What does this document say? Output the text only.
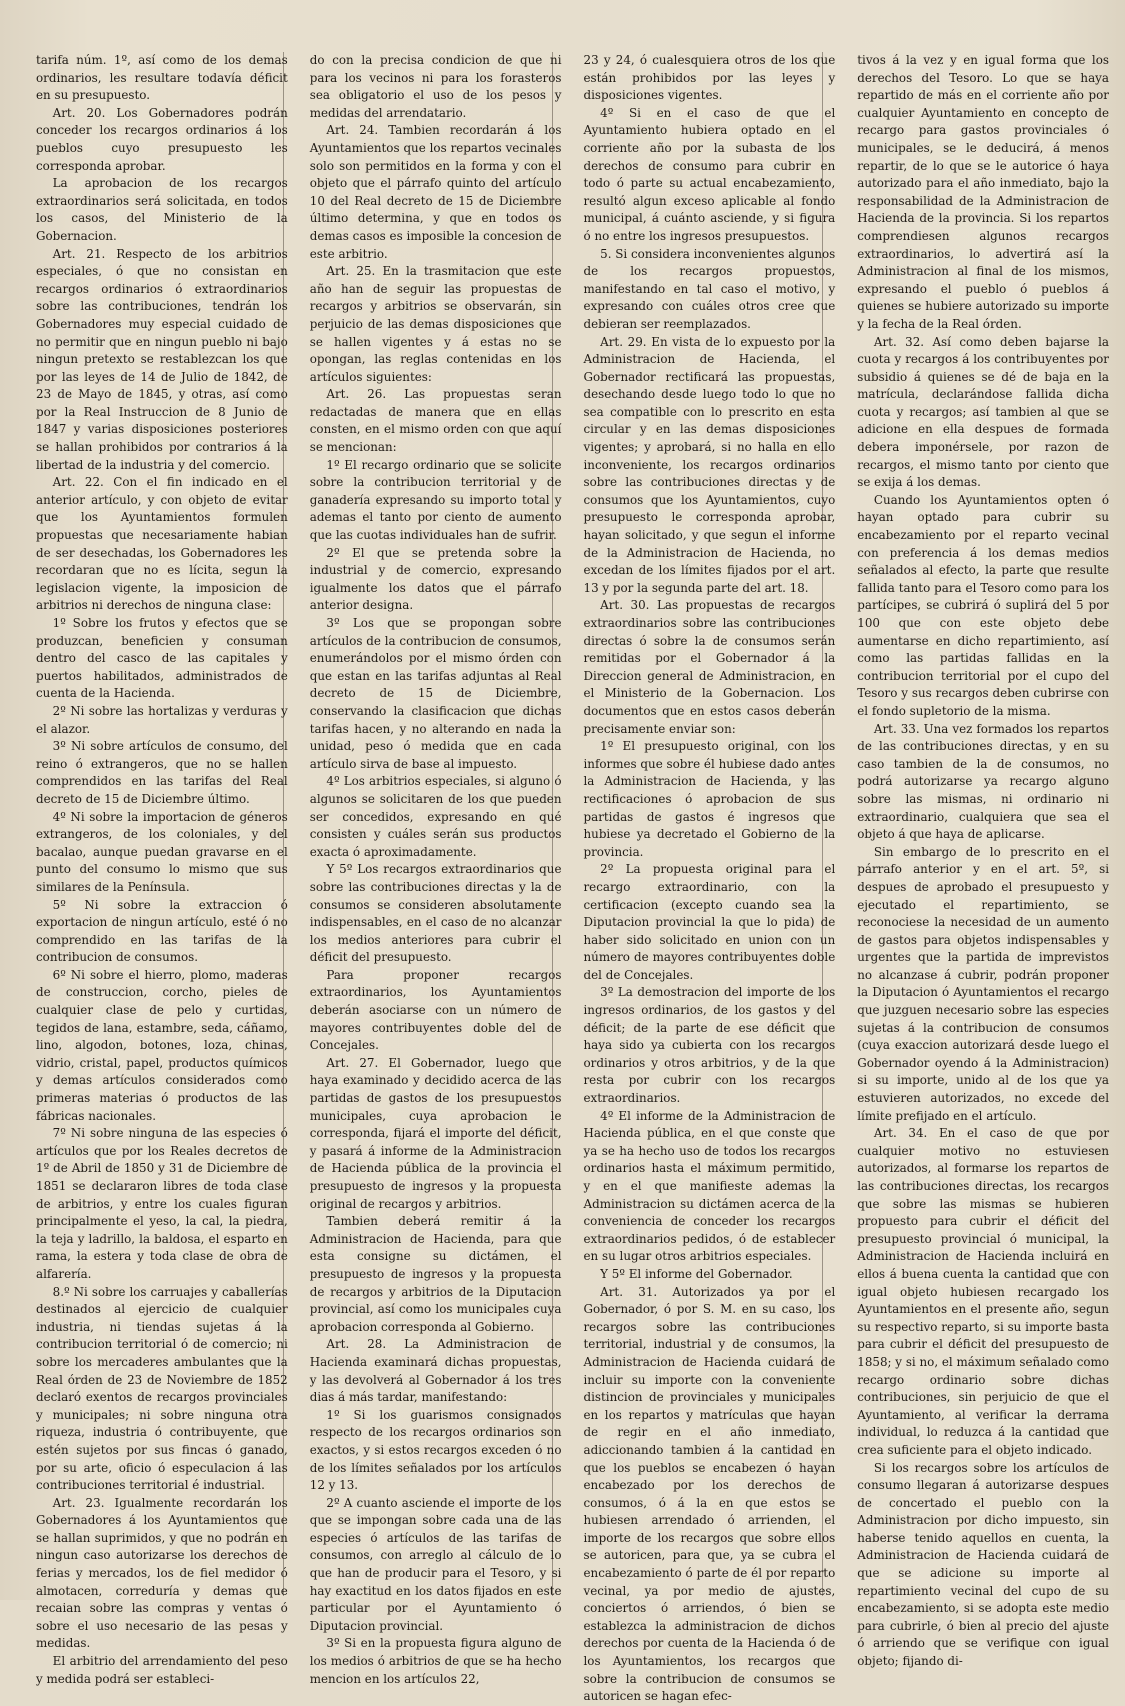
tarifa núm. 1º, así como de los demas ordinarios, les resultare todavía déficit en su presupuesto.

Art. 20. Los Gobernadores podrán conceder los recargos ordinarios á los pueblos cuyo presupuesto les corresponda aprobar.

La aprobacion de los recargos extraordinarios será solicitada, en todos los casos, del Ministerio de la Gobernacion.

Art. 21. Respecto de los arbitrios especiales, ó que no consistan en recargos ordinarios ó extraordinarios sobre las contribuciones, tendrán los Gobernadores muy especial cuidado de no permitir que en ningun pueblo ni bajo ningun pretexto se restablezcan los que por las leyes de 14 de Julio de 1842, de 23 de Mayo de 1845, y otras, así como por la Real Instruccion de 8 Junio de 1847 y varias disposiciones posteriores se hallan prohibidos por contrarios á la libertad de la industria y del comercio.

Art. 22. Con el fin indicado en el anterior artículo, y con objeto de evitar que los Ayuntamientos formulen propuestas que necesariamente habian de ser desechadas, los Gobernadores les recordaran que no es lícita, segun la legislacion vigente, la imposicion de arbitrios ni derechos de ninguna clase:

1º Sobre los frutos y efectos que se produzcan, beneficien y consuman dentro del casco de las capitales y puertos habilitados, administrados de cuenta de la Hacienda.

2º Ni sobre las hortalizas y verduras y el alazor.

3º Ni sobre artículos de consumo, del reino ó extrangeros, que no se hallen comprendidos en las tarifas del Real decreto de 15 de Diciembre último.

4º Ni sobre la importacion de géneros extrangeros, de los coloniales, y del bacalao, aunque puedan gravarse en el punto del consumo lo mismo que sus similares de la Península.

5º Ni sobre la extraccion ó exportacion de ningun artículo, esté ó no comprendido en las tarifas de la contribucion de consumos.

6º Ni sobre el hierro, plomo, maderas de construccion, corcho, pieles de cualquier clase de pelo y curtidas, tegidos de lana, estambre, seda, cáñamo, lino, algodon, botones, loza, chinas, vidrio, cristal, papel, productos químicos y demas artículos considerados como primeras materias ó productos de las fábricas nacionales.

7º Ni sobre ninguna de las especies ó artículos que por los Reales decretos de 1º de Abril de 1850 y 31 de Diciembre de 1851 se declararon libres de toda clase de arbitrios, y entre los cuales figuran principalmente el yeso, la cal, la piedra, la teja y ladrillo, la baldosa, el esparto en rama, la estera y toda clase de obra de alfarería.

8.º Ni sobre los carruajes y caballerías destinados al ejercicio de cualquier industria, ni tiendas sujetas á la contribucion territorial ó de comercio; ni sobre los mercaderes ambulantes que la Real órden de 23 de Noviembre de 1852 declaró exentos de recargos provinciales y municipales; ni sobre ninguna otra riqueza, industria ó contribuyente, que estén sujetos por sus fincas ó ganado, por su arte, oficio ó especulacion á las contribuciones territorial é industrial.

Art. 23. Igualmente recordarán los Gobernadores á los Ayuntamientos que se hallan suprimidos, y que no podrán en ningun caso autorizarse los derechos de ferias y mercados, los de fiel medidor ó almotacen, correduría y demas que recaian sobre las compras y ventas ó sobre el uso necesario de las pesas y medidas.

El arbitrio del arrendamiento del peso y medida podrá ser estableci-

do con la precisa condicion de que ni para los vecinos ni para los forasteros sea obligatorio el uso de los pesos y medidas del arrendatario.

Art. 24. Tambien recordarán á los Ayuntamientos que los repartos vecinales solo son permitidos en la forma y con el objeto que el párrafo quinto del artículo 10 del Real decreto de 15 de Diciembre último determina, y que en todos os demas casos es imposible la concesion de este arbitrio.

Art. 25. En la trasmitacion que este año han de seguir las propuestas de recargos y arbitrios se observarán, sin perjuicio de las demas disposiciones que se hallen vigentes y á estas no se opongan, las reglas contenidas en los artículos siguientes:

Art. 26. Las propuestas seran redactadas de manera que en ellas consten, en el mismo orden con que aquí se mencionan:

1º El recargo ordinario que se solicite sobre la contribucion territorial y de ganadería expresando su importo total y ademas el tanto por ciento de aumento que las cuotas individuales han de sufrir.

2º El que se pretenda sobre la industrial y de comercio, expresando igualmente los datos que el párrafo anterior designa.

3º Los que se propongan sobre artículos de la contribucion de consumos, enumerándolos por el mismo órden con que estan en las tarifas adjuntas al Real decreto de 15 de Diciembre, conservando la clasificacion que dichas tarifas hacen, y no alterando en nada la unidad, peso ó medida que en cada artículo sirva de base al impuesto.

4º Los arbitrios especiales, si alguno ó algunos se solicitaren de los que pueden ser concedidos, expresando en qué consisten y cuáles serán sus productos exacta ó aproximadamente.

Y 5º Los recargos extraordinarios que sobre las contribuciones directas y la de consumos se consideren absolutamente indispensables, en el caso de no alcanzar los medios anteriores para cubrir el déficit del presupuesto.

Para proponer recargos extraordinarios, los Ayuntamientos deberán asociarse con un número de mayores contribuyentes doble del de Concejales.

Art. 27. El Gobernador, luego que haya examinado y decidido acerca de las partidas de gastos de los presupuestos municipales, cuya aprobacion le corresponda, fijará el importe del déficit, y pasará á informe de la Administracion de Hacienda pública de la provincia el presupuesto de ingresos y la propuesta original de recargos y arbitrios.

Tambien deberá remitir á la Administracion de Hacienda, para que esta consigne su dictámen, el presupuesto de ingresos y la propuesta de recargos y arbitrios de la Diputacion provincial, así como los municipales cuya aprobacion corresponda al Gobierno.

Art. 28. La Administracion de Hacienda examinará dichas propuestas, y las devolverá al Gobernador á los tres dias á más tardar, manifestando:

1º Si los guarismos consignados respecto de los recargos ordinarios son exactos, y si estos recargos exceden ó no de los límites señalados por los artículos 12 y 13.

2º A cuanto asciende el importe de los que se impongan sobre cada una de las especies ó artículos de las tarifas de consumos, con arreglo al cálculo de lo que han de producir para el Tesoro, y si hay exactitud en los datos fijados en este particular por el Ayuntamiento ó Diputacion provincial.

3º Si en la propuesta figura alguno de los medios ó arbitrios de que se ha hecho mencion en los artículos 22,

23 y 24, ó cualesquiera otros de los que están prohibidos por las leyes y disposiciones vigentes.

4º Si en el caso de que el Ayuntamiento hubiera optado en el corriente año por la subasta de los derechos de consumo para cubrir en todo ó parte su actual encabezamiento, resultó algun exceso aplicable al fondo municipal, á cuánto asciende, y si figura ó no entre los ingresos presupuestos.

5. Si considera inconvenientes algunos de los recargos propuestos, manifestando en tal caso el motivo, y expresando con cuáles otros cree que debieran ser reemplazados.

Art. 29. En vista de lo expuesto por la Administracion de Hacienda, el Gobernador rectificará las propuestas, desechando desde luego todo lo que no sea compatible con lo prescrito en esta circular y en las demas disposiciones vigentes; y aprobará, si no halla en ello inconveniente, los recargos ordinarios sobre las contribuciones directas y de consumos que los Ayuntamientos, cuyo presupuesto le corresponda aprobar, hayan solicitado, y que segun el informe de la Administracion de Hacienda, no excedan de los límites fijados por el art. 13 y por la segunda parte del art. 18.

Art. 30. Las propuestas de recargos extraordinarios sobre las contribuciones directas ó sobre la de consumos serán remitidas por el Gobernador á la Direccion general de Administracion, en el Ministerio de la Gobernacion. Los documentos que en estos casos deberán precisamente enviar son:

1º El presupuesto original, con los informes que sobre él hubiese dado antes la Administracion de Hacienda, y las rectificaciones ó aprobacion de sus partidas de gastos é ingresos que hubiese ya decretado el Gobierno de la provincia.

2º La propuesta original para el recargo extraordinario, con la certificacion (excepto cuando sea la Diputacion provincial la que lo pida) de haber sido solicitado en union con un número de mayores contribuyentes doble del de Concejales.

3º La demostracion del importe de los ingresos ordinarios, de los gastos y del déficit; de la parte de ese déficit que haya sido ya cubierta con los recargos ordinarios y otros arbitrios, y de la que resta por cubrir con los recargos extraordinarios.

4º El informe de la Administracion de Hacienda pública, en el que conste que ya se ha hecho uso de todos los recargos ordinarios hasta el máximum permitido, y en el que manifieste ademas la Administracion su dictámen acerca de la conveniencia de conceder los recargos extraordinarios pedidos, ó de establecer en su lugar otros arbitrios especiales.

Y 5º El informe del Gobernador.

Art. 31. Autorizados ya por el Gobernador, ó por S. M. en su caso, los recargos sobre las contribuciones territorial, industrial y de consumos, la Administracion de Hacienda cuidará de incluir su importe con la conveniente distincion de provinciales y municipales en los repartos y matrículas que hayan de regir en el año inmediato, adiccionando tambien á la cantidad en que los pueblos se encabezen ó hayan encabezado por los derechos de consumos, ó á la en que estos se hubiesen arrendado ó arrienden, el importe de los recargos que sobre ellos se autoricen, para que, ya se cubra el encabezamiento ó parte de él por reparto vecinal, ya por medio de ajustes, conciertos ó arriendos, ó bien se establezca la administracion de dichos derechos por cuenta de la Hacienda ó de los Ayuntamientos, los recargos que sobre la contribucion de consumos se autoricen se hagan efec-

tivos á la vez y en igual forma que los derechos del Tesoro. Lo que se haya repartido de más en el corriente año por cualquier Ayuntamiento en concepto de recargo para gastos provinciales ó municipales, se le deducirá, á menos repartir, de lo que se le autorice ó haya autorizado para el año inmediato, bajo la responsabilidad de la Administracion de Hacienda de la provincia. Si los repartos comprendiesen algunos recargos extraordinarios, lo advertirá así la Administracion al final de los mismos, expresando el pueblo ó pueblos á quienes se hubiere autorizado su importe y la fecha de la Real órden.

Art. 32. Así como deben bajarse la cuota y recargos á los contribuyentes por subsidio á quienes se dé de baja en la matrícula, declarándose fallida dicha cuota y recargos; así tambien al que se adicione en ella despues de formada debera imponérsele, por razon de recargos, el mismo tanto por ciento que se exija á los demas.

Cuando los Ayuntamientos opten ó hayan optado para cubrir su encabezamiento por el reparto vecinal con preferencia á los demas medios señalados al efecto, la parte que resulte fallida tanto para el Tesoro como para los partícipes, se cubrirá ó suplirá del 5 por 100 que con este objeto debe aumentarse en dicho repartimiento, así como las partidas fallidas en la contribucion territorial por el cupo del Tesoro y sus recargos deben cubrirse con el fondo supletorio de la misma.

Art. 33. Una vez formados los repartos de las contribuciones directas, y en su caso tambien de la de consumos, no podrá autorizarse ya recargo alguno sobre las mismas, ni ordinario ni extraordinario, cualquiera que sea el objeto á que haya de aplicarse.

Sin embargo de lo prescrito en el párrafo anterior y en el art. 5º, si despues de aprobado el presupuesto y ejecutado el repartimiento, se reconociese la necesidad de un aumento de gastos para objetos indispensables y urgentes que la partida de imprevistos no alcanzase á cubrir, podrán proponer la Diputacion ó Ayuntamientos el recargo que juzguen necesario sobre las especies sujetas á la contribucion de consumos (cuya exaccion autorizará desde luego el Gobernador oyendo á la Administracion) si su importe, unido al de los que ya estuvieren autorizados, no excede del límite prefijado en el artículo.

Art. 34. En el caso de que por cualquier motivo no estuviesen autorizados, al formarse los repartos de las contribuciones directas, los recargos que sobre las mismas se hubieren propuesto para cubrir el déficit del presupuesto provincial ó municipal, la Administracion de Hacienda incluirá en ellos á buena cuenta la cantidad que con igual objeto hubiesen recargado los Ayuntamientos en el presente año, segun su respectivo reparto, si su importe basta para cubrir el déficit del presupuesto de 1858; y si no, el máximum señalado como recargo ordinario sobre dichas contribuciones, sin perjuicio de que el Ayuntamiento, al verificar la derrama individual, lo reduzca á la cantidad que crea suficiente para el objeto indicado.

Si los recargos sobre los artículos de consumo llegaran á autorizarse despues de concertado el pueblo con la Administracion por dicho impuesto, sin haberse tenido aquellos en cuenta, la Administracion de Hacienda cuidará de que se adicione su importe al repartimiento vecinal del cupo de su encabezamiento, si se adopta este medio para cubrirle, ó bien al precio del ajuste ó arriendo que se verifique con igual objeto; fijando di-
